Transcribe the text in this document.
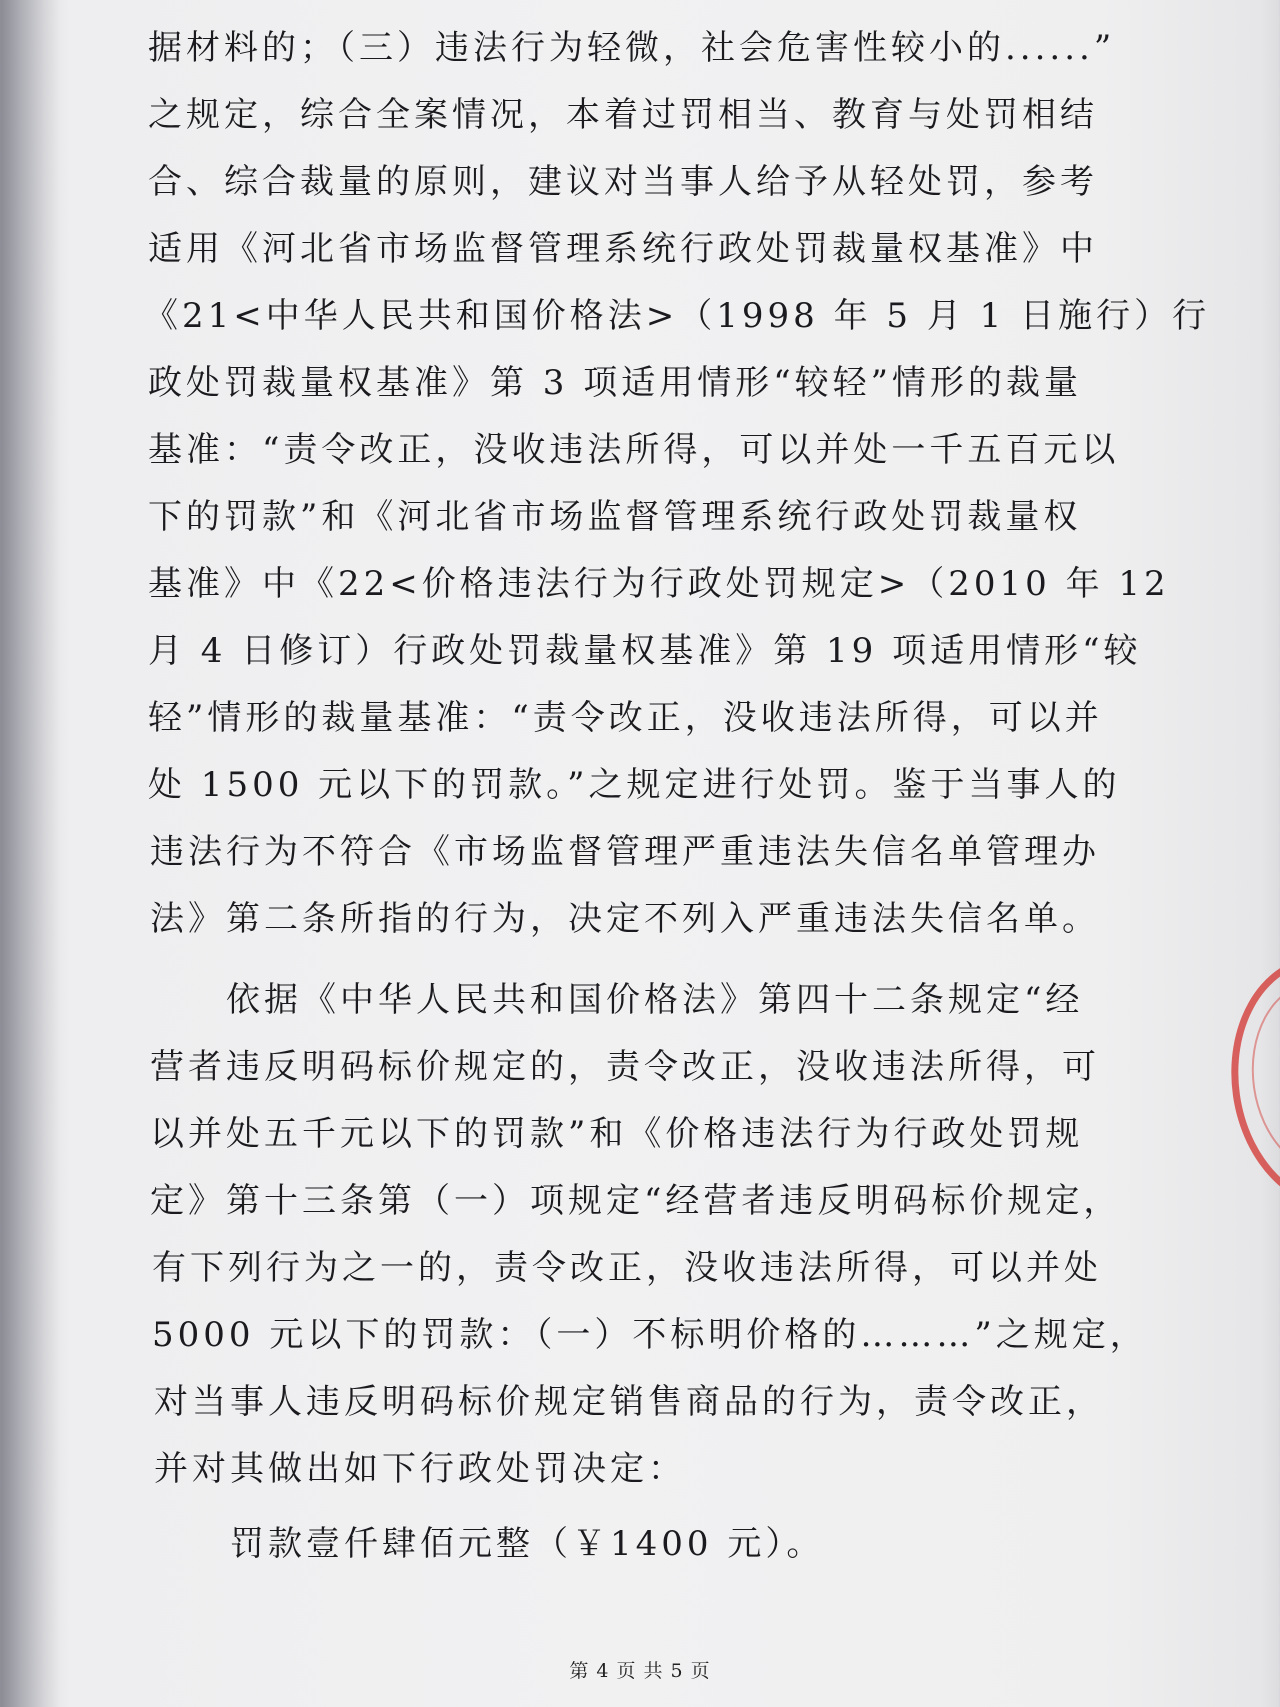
据材料的；（三）违法行为轻微，社会危害性较小的......”
之规定，综合全案情况，本着过罚相当、教育与处罚相结
合、综合裁量的原则，建议对当事人给予从轻处罚，参考
适用《河北省市场监督管理系统行政处罚裁量权基准》中
《21<中华人民共和国价格法>（1998 年 5 月 1 日施行）行
政处罚裁量权基准》第 3 项适用情形“较轻”情形的裁量
基准：“责令改正，没收违法所得，可以并处一千五百元以
下的罚款”和《河北省市场监督管理系统行政处罚裁量权
基准》中《22<价格违法行为行政处罚规定>（2010 年 12
月 4 日修订）行政处罚裁量权基准》第 19 项适用情形“较
轻”情形的裁量基准：“责令改正，没收违法所得，可以并
处 1500 元以下的罚款。”之规定进行处罚。鉴于当事人的
违法行为不符合《市场监督管理严重违法失信名单管理办
法》第二条所指的行为，决定不列入严重违法失信名单。
依据《中华人民共和国价格法》第四十二条规定“经
营者违反明码标价规定的，责令改正，没收违法所得，可
以并处五千元以下的罚款”和《价格违法行为行政处罚规
定》第十三条第（一）项规定“经营者违反明码标价规定，
有下列行为之一的，责令改正，没收违法所得，可以并处
5000 元以下的罚款：（一）不标明价格的………”之规定，
对当事人违反明码标价规定销售商品的行为，责令改正，
并对其做出如下行政处罚决定：
罚款壹仟肆佰元整（￥1400 元）。
第 4 页 共 5 页
